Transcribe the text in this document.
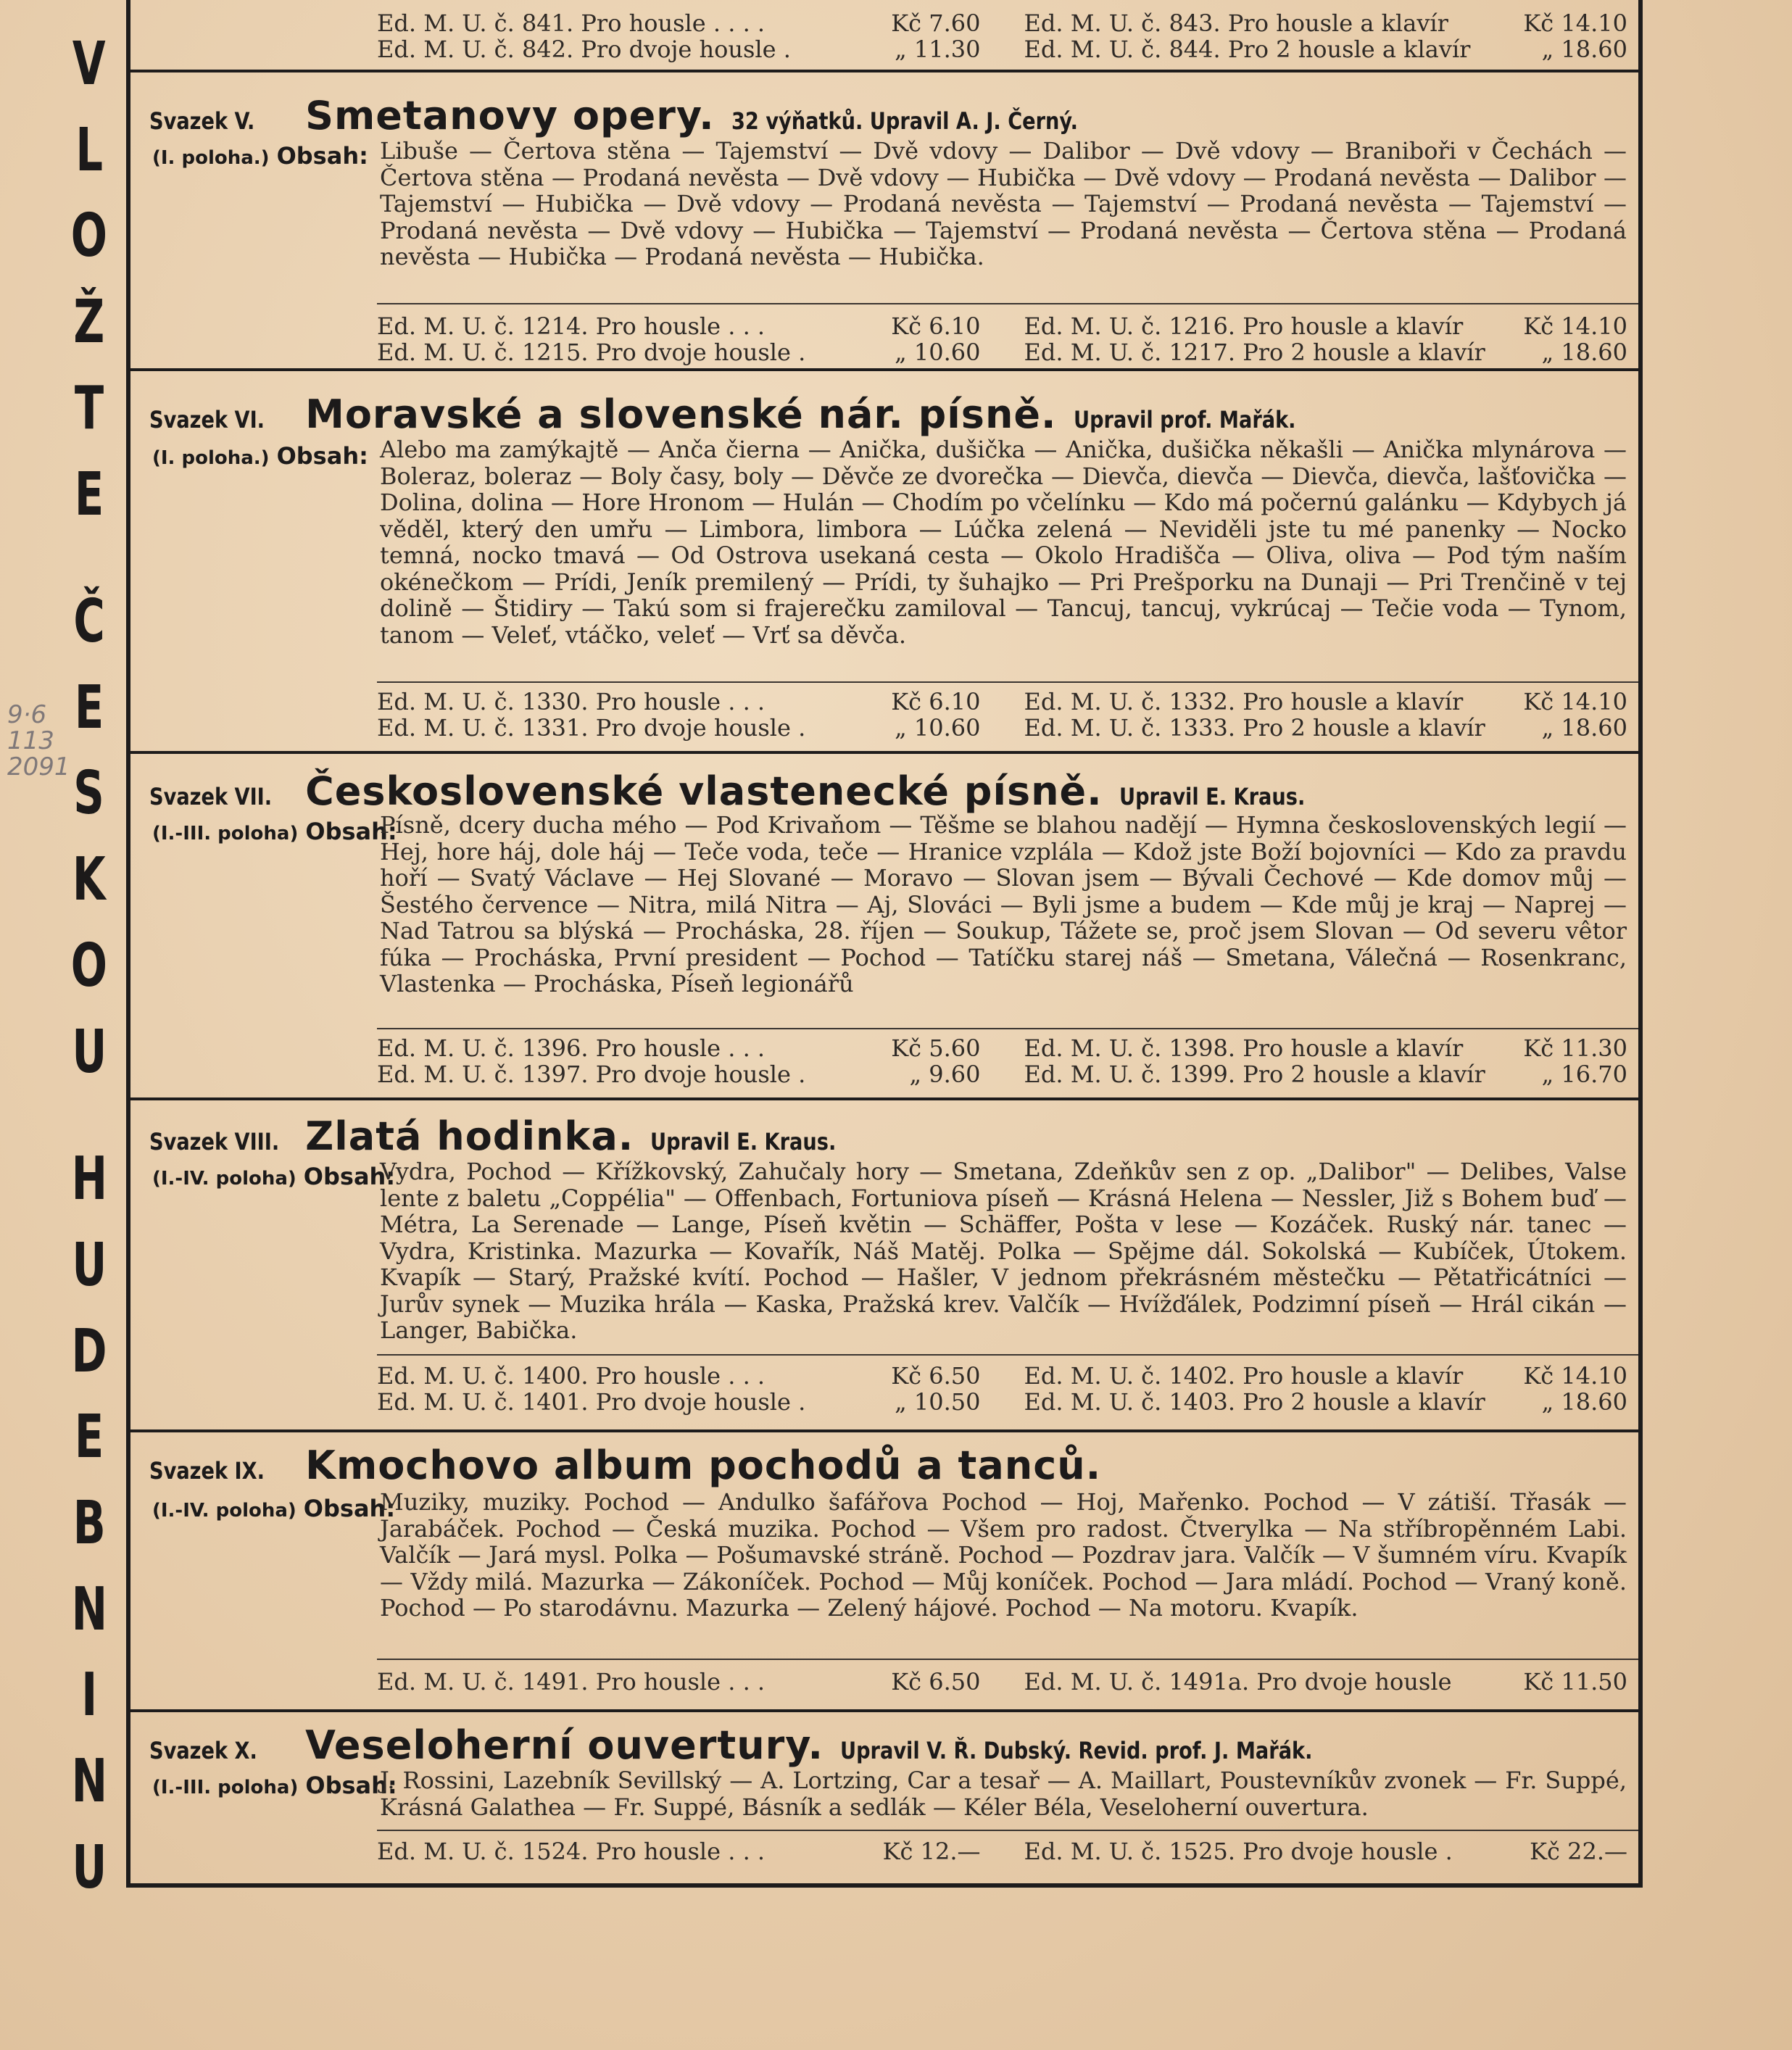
V
L
O
Ž
T
E
Č
E
S
K
O
U
H
U
D
E
B
N
I
N
U
9·6
113
2091
Ed. M. U. č. 841. Pro housle . . . .	Kč 7.60 Ed. M. U. č. 843. Pro housle a klavír	Kč 14.10
Ed. M. U. č. 842. Pro dvoje housle .	„ 11.30 Ed. M. U. č. 844. Pro 2 housle a klavír	„ 18.60
Svazek V. Smetanovy opery. 32 výňatků. Upravil A. J. Černý.
(I. poloha.) Obsah: Libuše — Čertova stěna — Tajemství — Dvě vdovy — Dalibor — Dvě vdovy — Braniboři v Čechách — Čertova stěna — Prodaná nevěsta — Dvě vdovy — Hubička — Dvě vdovy — Prodaná nevěsta — Dalibor — Tajemství — Hubička — Dvě vdovy — Prodaná nevěsta — Tajemství — Prodaná nevěsta — Tajemství — Prodaná nevěsta — Dvě vdovy — Hubička — Tajemství — Prodaná nevěsta — Čertova stěna — Prodaná nevěsta — Hubička — Prodaná nevěsta — Hubička.
Ed. M. U. č. 1214. Pro housle . . .	Kč 6.10 Ed. M. U. č. 1216. Pro housle a klavír	Kč 14.10
Ed. M. U. č. 1215. Pro dvoje housle .	„ 10.60 Ed. M. U. č. 1217. Pro 2 housle a klavír „ 18.60
Svazek VI. Moravské a slovenské nár. písně. Upravil prof. Mařák.
(I. poloha.) Obsah: Alebo ma zamýkajtě — Anča čierna — Anička, dušička — Anička, dušička někašli — Anička mlynárova — Boleraz, boleraz — Boly časy, boly — Děvče ze dvorečka — Dievča, dievča — Dievča, dievča, lašťovička — Dolina, dolina — Hore Hronom — Hulán — Chodím po včelínku — Kdo má počernú galánku — Kdybych já věděl, který den umřu — Limbora, limbora — Lúčka zelená — Neviděli jste tu mé panenky — Nocko temná, nocko tmavá — Od Ostrova usekaná cesta — Okolo Hradišča — Oliva, oliva — Pod tým naším okénečkom — Prídi, Jeník premilený — Prídi, ty šuhajko — Pri Prešporku na Dunaji — Pri Trenčině v tej dolině — Štidiry — Takú som si frajerečku zamiloval — Tancuj, tancuj, vykrúcaj — Tečie voda — Tynom, tanom — Veleť, vtáčko, veleť — Vrť sa děvča.
Ed. M. U. č. 1330. Pro housle . . .	Kč 6.10 Ed. M. U. č. 1332. Pro housle a klavír	Kč 14.10
Ed. M. U. č. 1331. Pro dvoje housle .	„ 10.60 Ed. M. U. č. 1333. Pro 2 housle a klavír „ 18.60
Svazek VII. Československé vlastenecké písně. Upravil E. Kraus.
(I.-III. poloha) Obsah:
Písně, dcery ducha mého — Pod Krivaňom — Těšme se blahou nadějí — Hymna československých legií — Hej, hore háj, dole háj — Teče voda, teče — Hranice vzplála — Kdož jste Boží bojovníci — Kdo za pravdu hoří — Svatý Václave — Hej Slované — Moravo — Slovan jsem — Bývali Čechové — Kde domov můj — Šestého července — Nitra, milá Nitra — Aj, Slováci — Byli jsme a budem — Kde můj je kraj — Naprej — Nad Tatrou sa blýská — Procháska, 28. říjen — Soukup, Tážete se, proč jsem Slovan — Od severu vêtor fúka — Procháska, První president — Pochod — Tatíčku starej náš — Smetana, Válečná — Rosenkranc, Vlastenka — Procháska, Píseň legionářů
Ed. M. U. č. 1396. Pro housle . . .	Kč 5.60 Ed. M. U. č. 1398. Pro housle a klavír	Kč 11.30
Ed. M. U. č. 1397. Pro dvoje housle .	„ 9.60 Ed. M. U. č. 1399. Pro 2 housle a klavír „ 16.70
Svazek VIII. Zlatá hodinka. Upravil E. Kraus.
(I.-IV. poloha) Obsah:
Vydra, Pochod — Křížkovský, Zahučaly hory — Smetana, Zdeňkův sen z op. „Dalibor" — Delibes, Valse lente z baletu „Coppélia" — Offenbach, Fortuniova píseň — Krásná Helena — Nessler, Již s Bohem buď — Métra, La Serenade — Lange, Píseň květin — Schäffer, Pošta v lese — Kozáček. Ruský nár. tanec — Vydra, Kristinka. Mazurka — Kovařík, Náš Matěj. Polka — Spějme dál. Sokolská — Kubíček, Útokem. Kvapík — Starý, Pražské kvítí. Pochod — Hašler, V jednom překrásném městečku — Pětatřicátníci — Jurův synek — Muzika hrála — Kaska, Pražská krev. Valčík — Hvížďálek, Podzimní píseň — Hrál cikán — Langer, Babička.
Ed. M. U. č. 1400. Pro housle . . .	Kč 6.50 Ed. M. U. č. 1402. Pro housle a klavír	Kč 14.10
Ed. M. U. č. 1401. Pro dvoje housle .	„ 10.50 Ed. M. U. č. 1403. Pro 2 housle a klavír „ 18.60
Svazek IX. Kmochovo album pochodů a tanců.
(I.-IV. poloha) Obsah:
Muziky, muziky. Pochod — Andulko šafářova Pochod — Hoj, Mařenko. Pochod — V zátiší. Třasák — Jarabáček. Pochod — Česká muzika. Pochod — Všem pro radost. Čtverylka — Na stříbropěnném Labi. Valčík — Jará mysl. Polka — Pošumavské stráně. Pochod — Pozdrav jara. Valčík — V šumném víru. Kvapík — Vždy milá. Mazurka — Zákoníček. Pochod — Můj koníček. Pochod — Jara mládí. Pochod — Vraný koně. Pochod — Po starodávnu. Mazurka — Zelený hájové. Pochod — Na motoru. Kvapík.
Ed. M. U. č. 1491. Pro housle . . .	Kč 6.50 Ed. M. U. č. 1491a. Pro dvoje housle	Kč 11.50
Svazek X. Veseloherní ouvertury. Upravil V. Ř. Dubský. Revid. prof. J. Mařák.
(I.-III. poloha) Obsah:
J. Rossini, Lazebník Sevillský — A. Lortzing, Car a tesař — A. Maillart, Poustevníkův zvonek — Fr. Suppé, Krásná Galathea — Fr. Suppé, Básník a sedlák — Kéler Béla, Veseloherní ouvertura.
Ed. M. U. č. 1524. Pro housle . . .	Kč 12.— Ed. M. U. č. 1525. Pro dvoje housle .	Kč 22.—
